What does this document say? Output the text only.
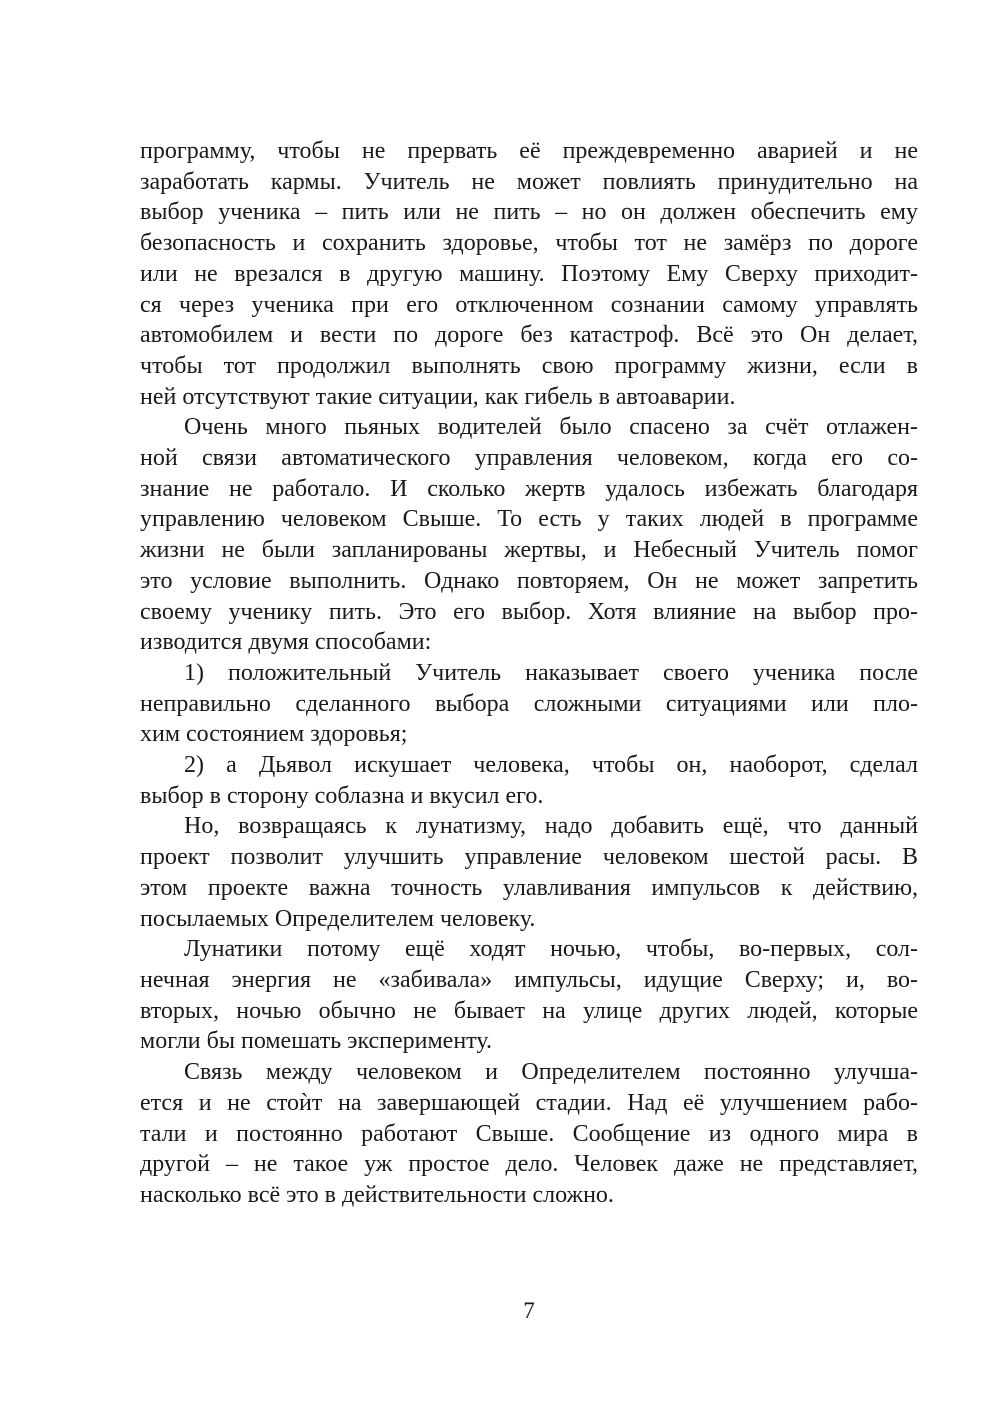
программу, чтобы не прервать её преждевременно аварией и не
заработать кармы. Учитель не может повлиять принудительно на
выбор ученика – пить или не пить – но он должен обеспечить ему
безопасность и сохранить здоровье, чтобы тот не замёрз по дороге
или не врезался в другую машину. Поэтому Ему Сверху приходит-
ся через ученика при его отключенном сознании самому управлять
автомобилем и вести по дороге без катастроф. Всё это Он делает,
чтобы тот продолжил выполнять свою программу жизни, если в
ней отсутствуют такие ситуации, как гибель в автоаварии.

Очень много пьяных водителей было спасено за счёт отлажен-
ной связи автоматического управления человеком, когда его со-
знание не работало. И сколько жертв удалось избежать благодаря
управлению человеком Свыше. То есть у таких людей в программе
жизни не были запланированы жертвы, и Небесный Учитель помог
это условие выполнить. Однако повторяем, Он не может запретить
своему ученику пить. Это его выбор. Хотя влияние на выбор про-
изводится двумя способами:

1) положительный Учитель наказывает своего ученика после
неправильно сделанного выбора сложными ситуациями или пло-
хим состоянием здоровья;

2) а Дьявол искушает человека, чтобы он, наоборот, сделал
выбор в сторону соблазна и вкусил его.

Но, возвращаясь к лунатизму, надо добавить ещё, что данный
проект позволит улучшить управление человеком шестой расы. В
этом проекте важна точность улавливания импульсов к действию,
посылаемых Определителем человеку.

Лунатики потому ещё ходят ночью, чтобы, во-первых, сол-
нечная энергия не «забивала» импульсы, идущие Сверху; и, во-
вторых, ночью обычно не бывает на улице других людей, которые
могли бы помешать эксперименту.

Связь между человеком и Определителем постоянно улучша-
ется и не стоѝт на завершающей стадии. Над её улучшением рабо-
тали и постоянно работают Свыше. Сообщение из одного мира в
другой – не такое уж простое дело. Человек даже не представляет,
насколько всё это в действительности сложно.

7
